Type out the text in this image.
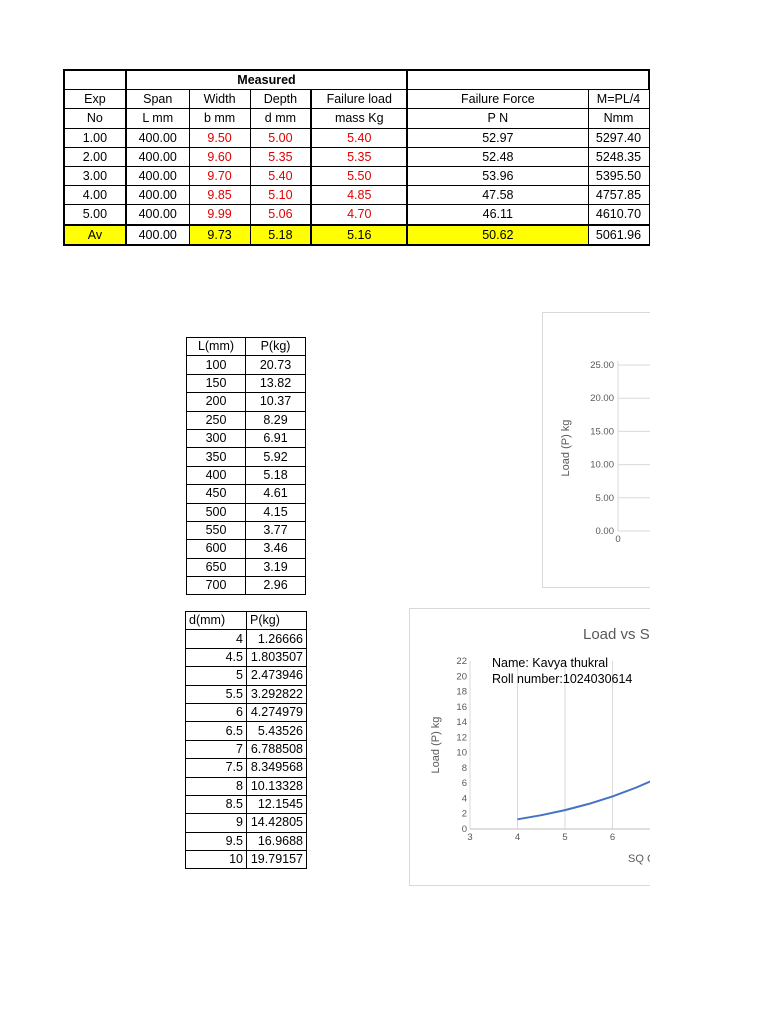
	Measured					
Exp	Span	Width	Depth	Failure load	Failure Force	M=PL/4
No	L mm	b mm	d mm	mass Kg	P N	Nmm
1.00	400.00	9.50	5.00	5.40	52.97	5297.40
2.00	400.00	9.60	5.35	5.35	52.48	5248.35
3.00	400.00	9.70	5.40	5.50	53.96	5395.50
4.00	400.00	9.85	5.10	4.85	47.58	4757.85
5.00	400.00	9.99	5.06	4.70	46.11	4610.70
Av	400.00	9.73	5.18	5.16	50.62	5061.96
L(mm)	P(kg)
100	20.73
150	13.82
200	10.37
250	8.29
300	6.91
350	5.92
400	5.18
450	4.61
500	4.15
550	3.77
600	3.46
650	3.19
700	2.96
d(mm)	P(kg)
4	1.26666
4.5	1.803507
5	2.473946
5.5	3.292822
6	4.274979
6.5	5.43526
7	6.788508
7.5	8.349568
8	10.13328
8.5	12.1545
9	14.42805
9.5	16.9688
10	19.79157
0.00
5.00
10.00
15.00
20.00
25.00
0
Load (P) kg
Load vs S
3	4	5	6
0
2
4
6
8
10
12
14
16
18
20
22
Load (P) kg
SQ C
Name: Kavya thukral
Roll number:1024030614
